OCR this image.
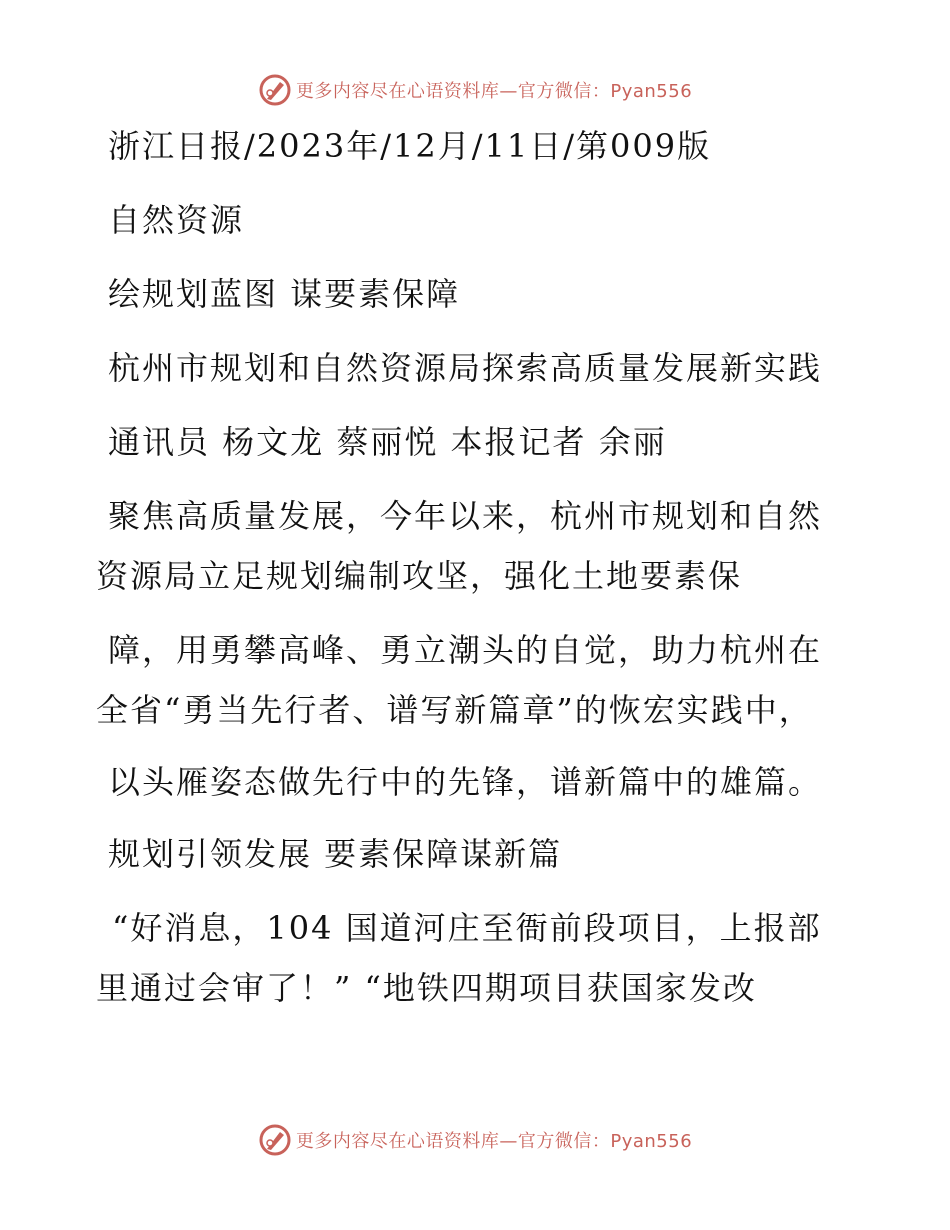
更多内容尽在心语资料库—官方微信：Pyan556
浙江日报/2023年/12月/11日/第009版
自然资源
绘规划蓝图 谋要素保障
杭州市规划和自然资源局探索高质量发展新实践
通讯员 杨文龙 蔡丽悦 本报记者 余丽
聚焦高质量发展，今年以来，杭州市规划和自然
资源局立足规划编制攻坚，强化土地要素保
障，用勇攀高峰、勇立潮头的自觉，助力杭州在
全省“勇当先行者、谱写新篇章”的恢宏实践中，
以头雁姿态做先行中的先锋，谱新篇中的雄篇。
规划引领发展 要素保障谋新篇
“好消息，104 国道河庄至衙前段项目，上报部
里通过会审了！” “地铁四期项目获国家发改
更多内容尽在心语资料库—官方微信：Pyan556
